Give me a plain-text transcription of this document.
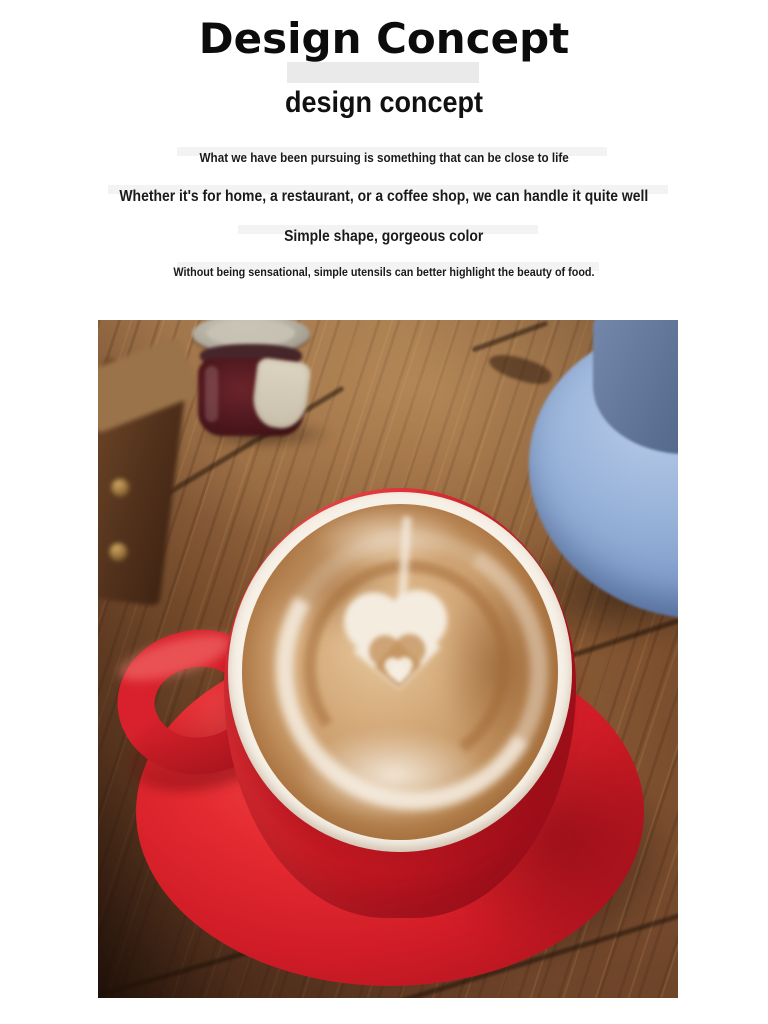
Design Concept
design concept

What we have been pursuing is something that can be close to life

Whether it's for home, a restaurant, or a coffee shop, we can handle it quite well

Simple shape, gorgeous color

Without being sensational, simple utensils can better highlight the beauty of food.
